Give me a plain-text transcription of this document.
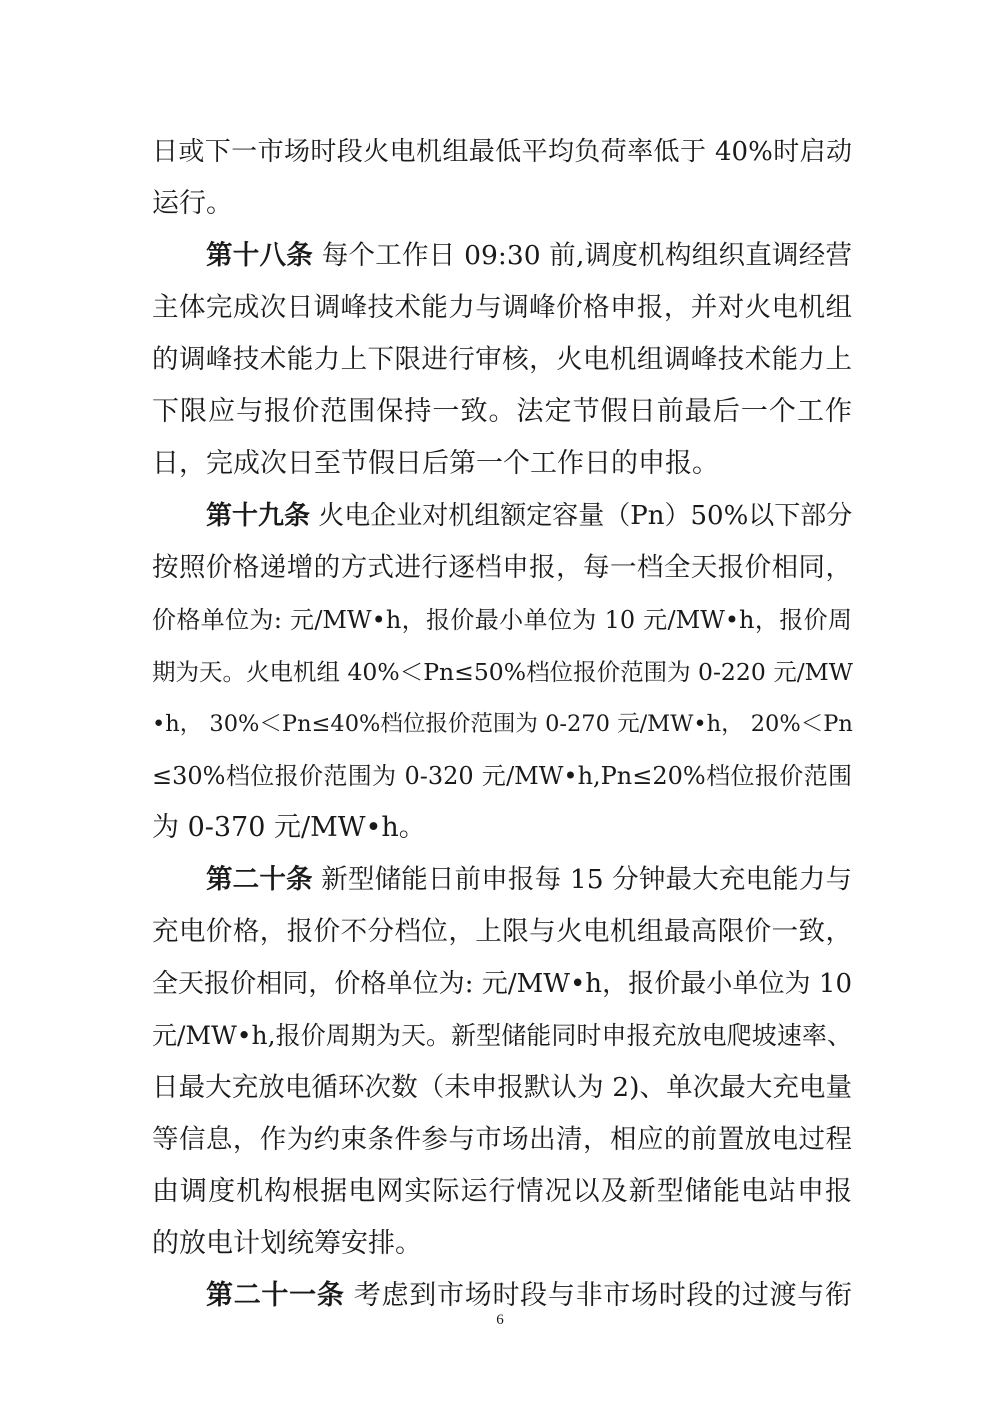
日或下一市场时段火电机组最低平均负荷率低于 40%时启动
运行。
第十八条 每个工作日 09:30 前,调度机构组织直调经营
主体完成次日调峰技术能力与调峰价格申报，并对火电机组
的调峰技术能力上下限进行审核，火电机组调峰技术能力上
下限应与报价范围保持一致。法定节假日前最后一个工作
日，完成次日至节假日后第一个工作日的申报。
第十九条 火电企业对机组额定容量（Pn）50%以下部分
按照价格递增的方式进行逐档申报，每一档全天报价相同，
价格单位为: 元/MW•h，报价最小单位为 10 元/MW•h，报价周
期为天。火电机组 40%＜Pn≤50%档位报价范围为 0-220 元/MW
•h， 30%＜Pn≤40%档位报价范围为 0-270 元/MW•h， 20%＜Pn
≤30%档位报价范围为 0-320 元/MW•h,Pn≤20%档位报价范围
为 0-370 元/MW•h。
第二十条 新型储能日前申报每 15 分钟最大充电能力与
充电价格，报价不分档位，上限与火电机组最高限价一致，
全天报价相同，价格单位为: 元/MW•h，报价最小单位为 10
元/MW•h,报价周期为天。新型储能同时申报充放电爬坡速率、
日最大充放电循环次数（未申报默认为 2)、单次最大充电量
等信息，作为约束条件参与市场出清，相应的前置放电过程
由调度机构根据电网实际运行情况以及新型储能电站申报
的放电计划统筹安排。
第二十一条 考虑到市场时段与非市场时段的过渡与衔
6
